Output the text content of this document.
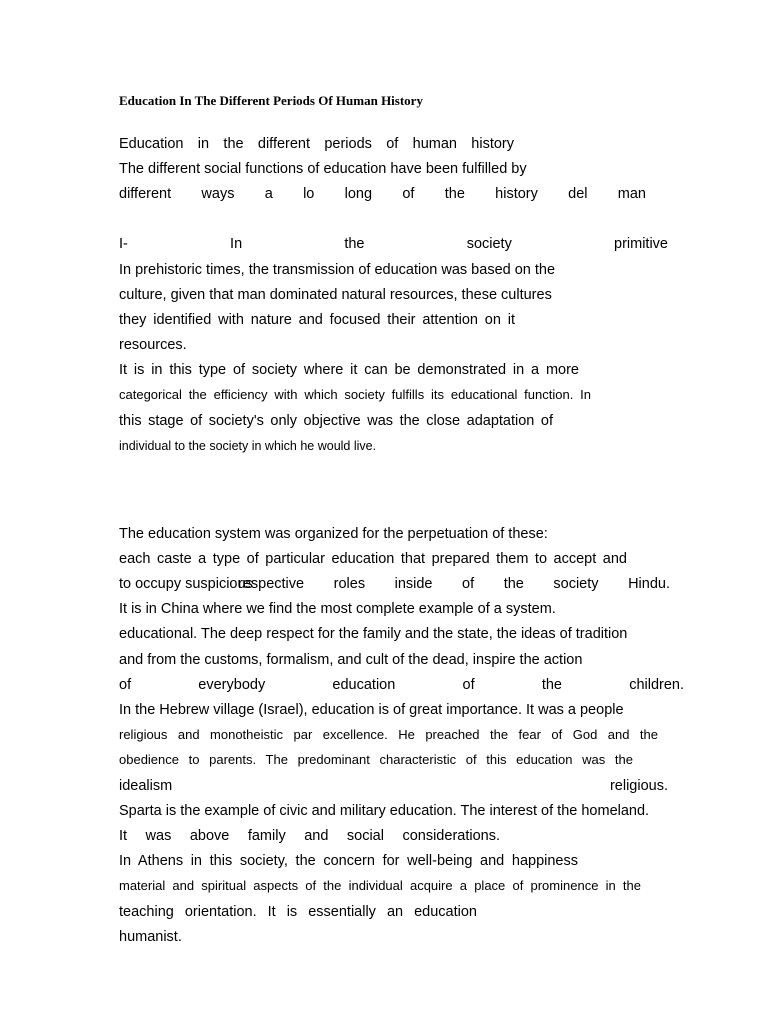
Education In The Different Periods Of Human History
Education in the different periods of human history
The different social functions of education have been fulfilled by
different ways a lo long of the history del man
I- In the society primitive
In prehistoric times, the transmission of education was based on the
culture, given that man dominated natural resources, these cultures
they identified with nature and focused their attention on it
resources.
It is in this type of society where it can be demonstrated in a more
categorical the efficiency with which society fulfills its educational function. In
this stage of society's only objective was the close adaptation of
individual to the society in which he would live.
The education system was organized for the perpetuation of these:
each caste a type of particular education that prepared them to accept and
to occupy suspicious
respective roles inside of the society Hindu.
It is in China where we find the most complete example of a system.
educational. The deep respect for the family and the state, the ideas of tradition
and from the customs, formalism, and cult of the dead, inspire the action
of everybody education of the children.
In the Hebrew village (Israel), education is of great importance. It was a people
religious and monotheistic par excellence. He preached the fear of God and the
obedience to parents. The predominant characteristic of this education was the
idealism religious.
Sparta is the example of civic and military education. The interest of the homeland.
It was above family and social considerations.
In Athens in this society, the concern for well-being and happiness
material and spiritual aspects of the individual acquire a place of prominence in the
teaching orientation. It is essentially an education
humanist.
